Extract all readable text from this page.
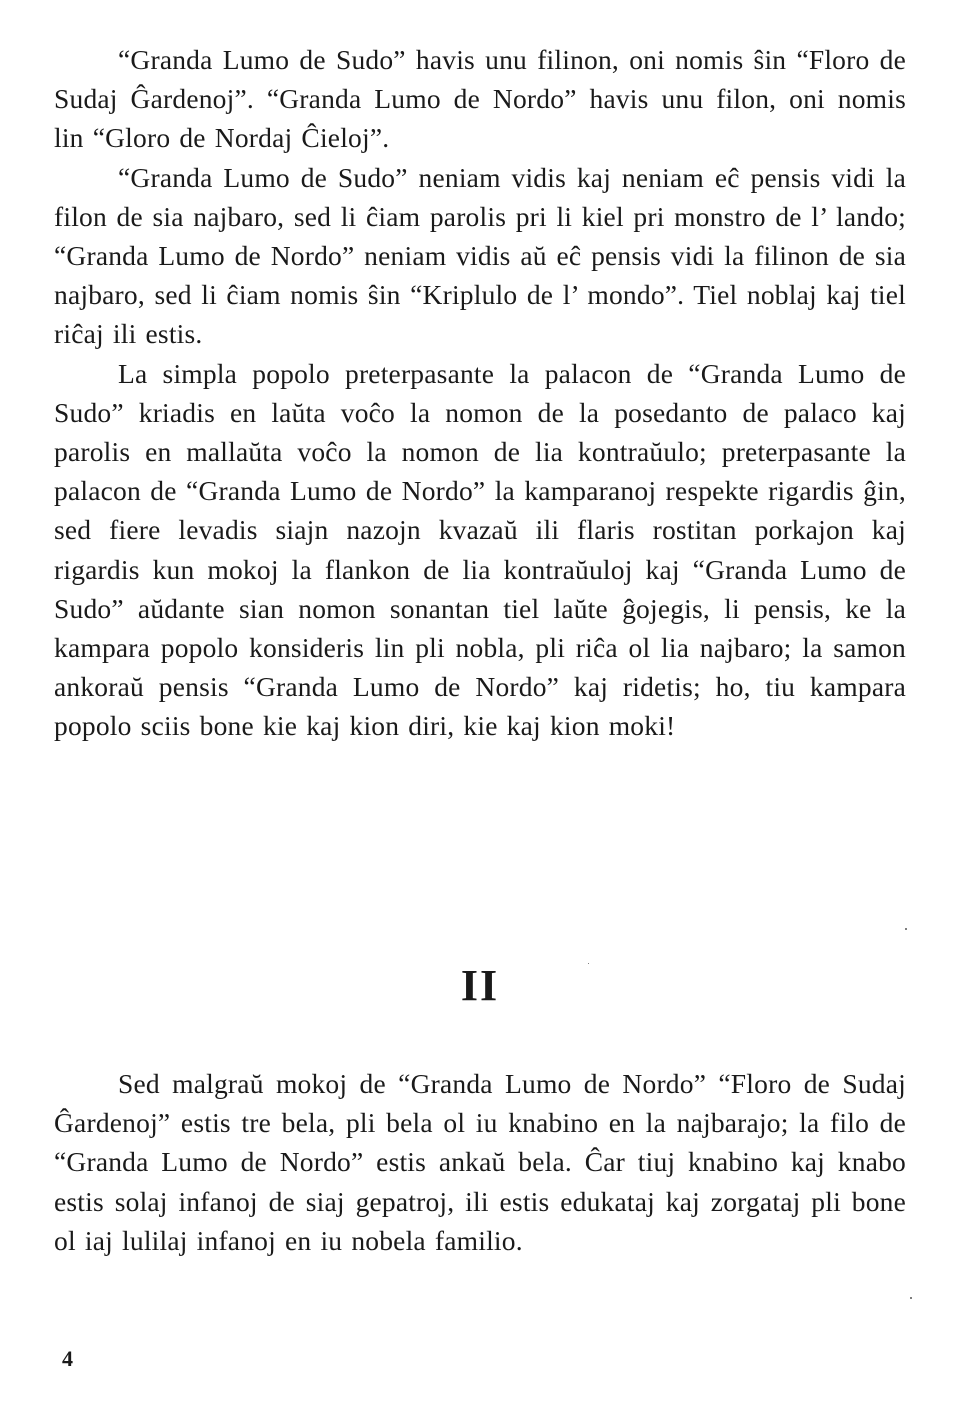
“Granda Lumo de Sudo” havis unu filinon, oni nomis ŝin “Floro de Sudaj Ĝardenoj”. “Granda Lumo de Nordo” havis unu filon, oni nomis lin “Gloro de Nordaj Ĉieloj”.

“Granda Lumo de Sudo” neniam vidis kaj neniam eĉ pensis vidi la filon de sia najbaro, sed li ĉiam parolis pri li kiel pri monstro de l’ lando; “Granda Lumo de Nordo” neniam vidis aŭ eĉ pensis vidi la filinon de sia najbaro, sed li ĉiam nomis ŝin “Kriplulo de l’ mondo”. Tiel noblaj kaj tiel riĉaj ili estis.

La simpla popolo preterpasante la palacon de “Granda Lumo de Sudo” kriadis en laŭta voĉo la nomon de la posedanto de palaco kaj parolis en mallaŭta voĉo la nomon de lia kontraŭulo; preterpasante la palacon de “Granda Lumo de Nordo” la kamparanoj respekte rigardis ĝin, sed fiere levadis siajn nazojn kvazaŭ ili flaris rostitan porkajon kaj rigardis kun mokoj la flankon de lia kontraŭuloj kaj “Granda Lumo de Sudo” aŭdante sian nomon sonantan tiel laŭte ĝojegis, li pensis, ke la kampara popolo konsideris lin pli nobla, pli riĉa ol lia najbaro; la samon ankoraŭ pensis “Granda Lumo de Nordo” kaj ridetis; ho, tiu kampara popolo sciis bone kie kaj kion diri, kie kaj kion moki!

II

Sed malgraŭ mokoj de “Granda Lumo de Nordo” “Floro de Sudaj Ĝardenoj” estis tre bela, pli bela ol iu knabino en la najbarajo; la filo de “Granda Lumo de Nordo” estis ankaŭ bela. Ĉar tiuj knabino kaj knabo estis solaj infanoj de siaj gepatroj, ili estis edukataj kaj zorgataj pli bone ol iaj lulilaj infanoj en iu nobela familio.

4
